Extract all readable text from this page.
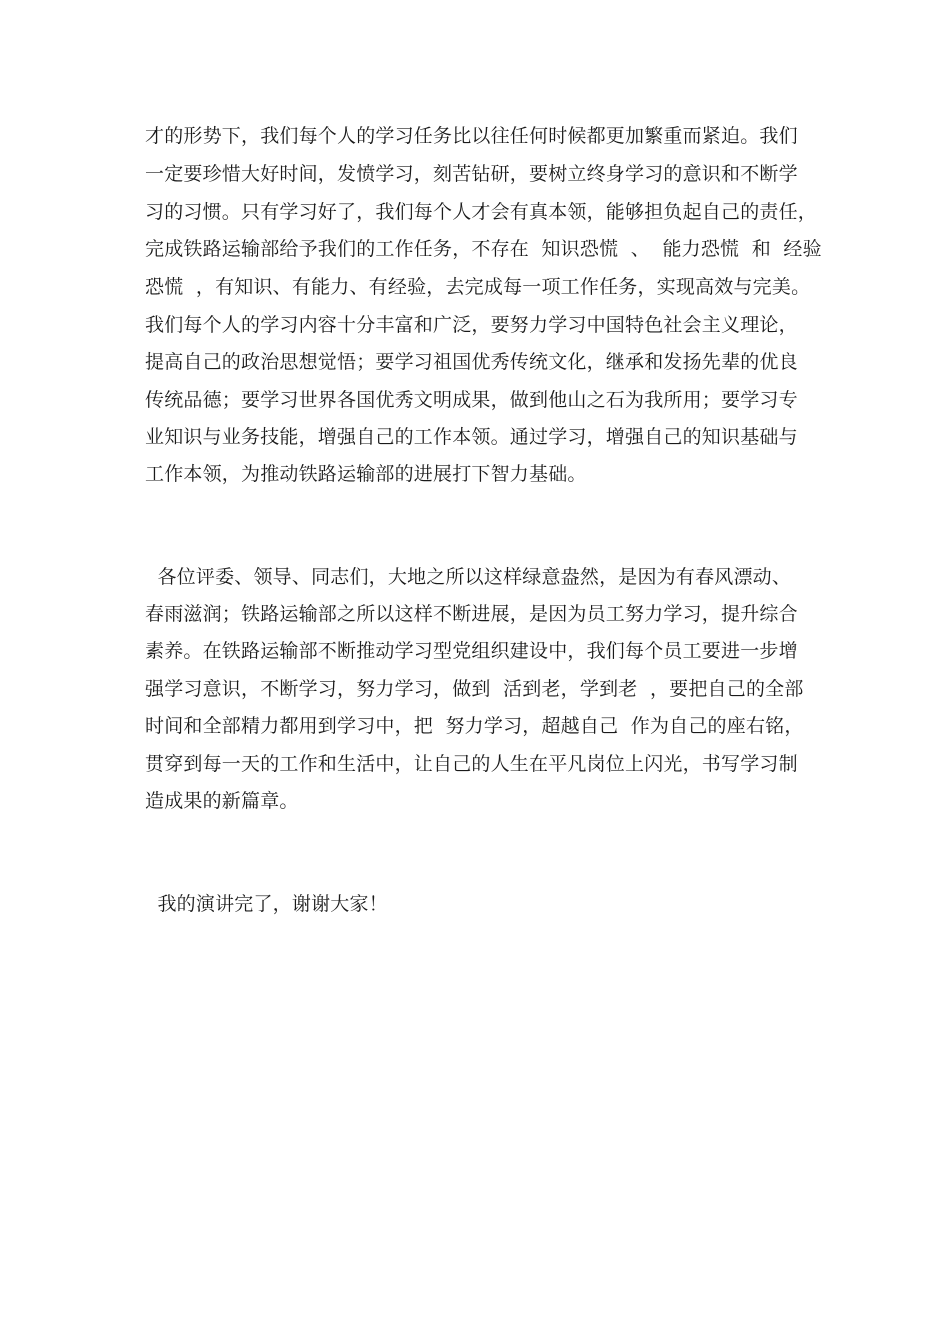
才的形势下，我们每个人的学习任务比以往任何时候都更加繁重而紧迫。我们
一定要珍惜大好时间，发愤学习，刻苦钻研，要树立终身学习的意识和不断学
习的习惯。只有学习好了，我们每个人才会有真本领，能够担负起自己的责任，
完成铁路运输部给予我们的工作任务，不存在  知识恐慌  、  能力恐慌  和  经验
恐慌  ，有知识、有能力、有经验，去完成每一项工作任务，实现高效与完美。
我们每个人的学习内容十分丰富和广泛，要努力学习中国特色社会主义理论，
提高自己的政治思想觉悟；要学习祖国优秀传统文化，继承和发扬先辈的优良
传统品德；要学习世界各国优秀文明成果，做到他山之石为我所用；要学习专
业知识与业务技能，增强自己的工作本领。通过学习，增强自己的知识基础与
工作本领，为推动铁路运输部的进展打下智力基础。
各位评委、领导、同志们，大地之所以这样绿意盎然，是因为有春风漂动、
春雨滋润；铁路运输部之所以这样不断进展，是因为员工努力学习，提升综合
素养。在铁路运输部不断推动学习型党组织建设中，我们每个员工要进一步增
强学习意识，不断学习，努力学习，做到  活到老，学到老  ，要把自己的全部
时间和全部精力都用到学习中，把  努力学习，超越自己  作为自己的座右铭，
贯穿到每一天的工作和生活中，让自己的人生在平凡岗位上闪光，书写学习制
造成果的新篇章。
我的演讲完了，谢谢大家！
